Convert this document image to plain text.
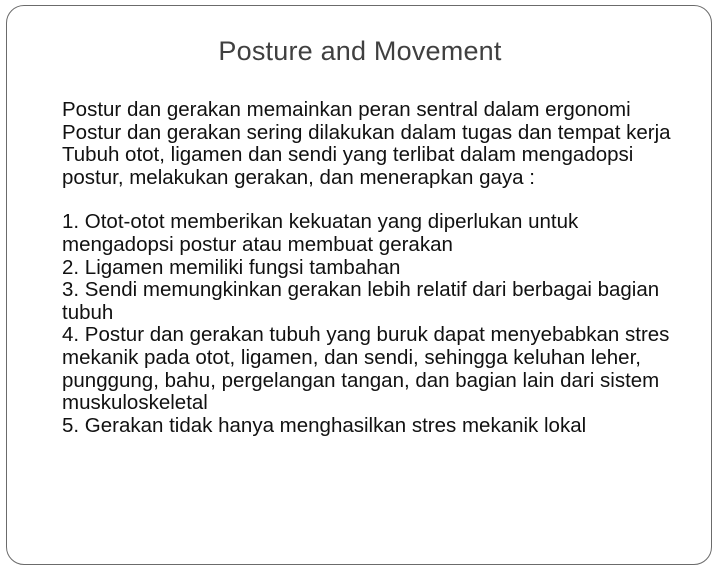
Posture and Movement

Postur dan gerakan memainkan peran sentral dalam ergonomi

Postur dan gerakan sering dilakukan dalam tugas dan tempat kerja

Tubuh otot, ligamen dan sendi yang terlibat dalam mengadopsi postur, melakukan gerakan, dan menerapkan gaya :

1. Otot-otot memberikan kekuatan yang diperlukan untuk mengadopsi postur atau membuat gerakan

2. Ligamen memiliki fungsi tambahan

3. Sendi memungkinkan gerakan lebih relatif dari berbagai bagian tubuh

4. Postur dan gerakan tubuh yang buruk dapat menyebabkan stres mekanik pada otot, ligamen, dan sendi, sehingga keluhan leher, punggung, bahu, pergelangan tangan, dan bagian lain dari sistem muskuloskeletal

5. Gerakan tidak hanya menghasilkan stres mekanik lokal
